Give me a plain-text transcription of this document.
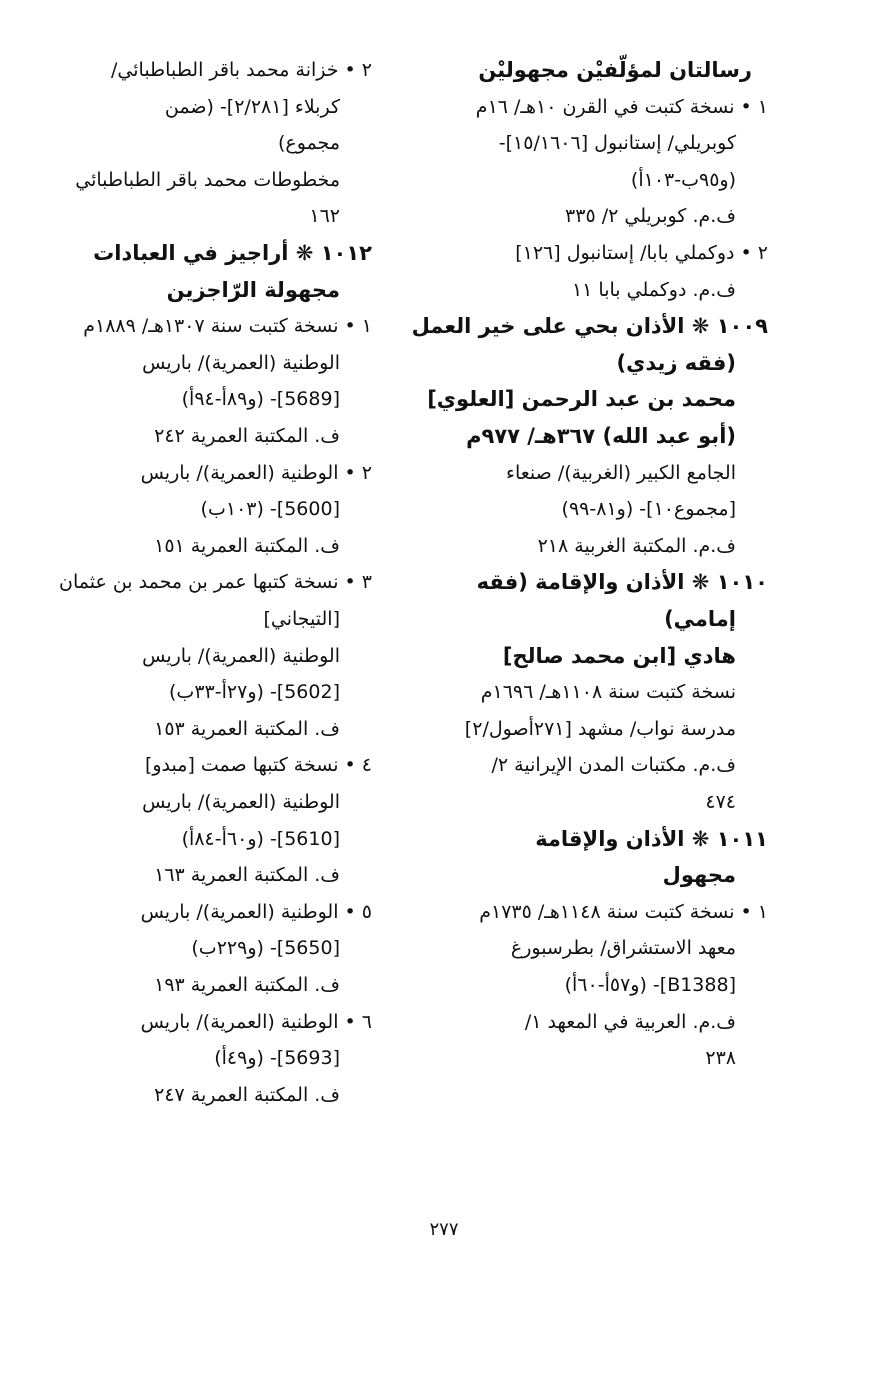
رسالتان لمؤلّفيْن مجهوليْن
١ • نسخة كتبت في القرن ١٠هـ/ ١٦م
كوبريلي/ إستانبول [١٥/١٦٠٦]-
(و٩٥ب-١٠٣أ)
ف.م. كوبريلي ٢/ ٣٣٥
٢ • دوكملي بابا/ إستانبول [١٢٦]
ف.م. دوكملي بابا ١١
١٠٠٩ ❋ الأذان بحي على خير العمل
(فقه زيدي)
محمد بن عبد الرحمن [العلوي]
(أبو عبد الله) ٣٦٧هـ/ ٩٧٧م
الجامع الكبير (الغربية)/ صنعاء
[مجموع١٠]- (و٨١-٩٩)
ف.م. المكتبة الغربية ٢١٨
١٠١٠ ❋ الأذان والإقامة (فقه
إمامي)
هادي [ابن محمد صالح]
نسخة كتبت سنة ١١٠٨هـ/ ١٦٩٦م
مدرسة نواب/ مشهد [٢٧١أصول/٢]
ف.م. مكتبات المدن الإيرانية ٢/
٤٧٤
١٠١١ ❋ الأذان والإقامة
مجهول
١ • نسخة كتبت سنة ١١٤٨هـ/ ١٧٣٥م
معهد الاستشراق/ بطرسبورغ
[B1388]- (و٥٧أ-٦٠أ)
ف.م. العربية في المعهد ١/
٢٣٨
٢ • خزانة محمد باقر الطباطبائي/
كربلاء [٢/٢٨١]- (ضمن
مجموع)
مخطوطات محمد باقر الطباطبائي
١٦٢
١٠١٢ ❋ أراجيز في العبادات
مجهولة الرّاجزين
١ • نسخة كتبت سنة ١٣٠٧هـ/ ١٨٨٩م
الوطنية (العمرية)/ باريس
[5689]- (و٨٩أ-٩٤أ)
ف. المكتبة العمرية ٢٤٢
٢ • الوطنية (العمرية)/ باريس
[5600]- (١٠٣ب)
ف. المكتبة العمرية ١٥١
٣ • نسخة كتبها عمر بن محمد بن عثمان
[التيجاني]
الوطنية (العمرية)/ باريس
[5602]- (و٢٧أ-٣٣ب)
ف. المكتبة العمرية ١٥٣
٤ • نسخة كتبها صمت [مبدو]
الوطنية (العمرية)/ باريس
[5610]- (و٦٠أ-٨٤أ)
ف. المكتبة العمرية ١٦٣
٥ • الوطنية (العمرية)/ باريس
[5650]- (و٢٢٩ب)
ف. المكتبة العمرية ١٩٣
٦ • الوطنية (العمرية)/ باريس
[5693]- (و٤٩أ)
ف. المكتبة العمرية ٢٤٧
٢٧٧
